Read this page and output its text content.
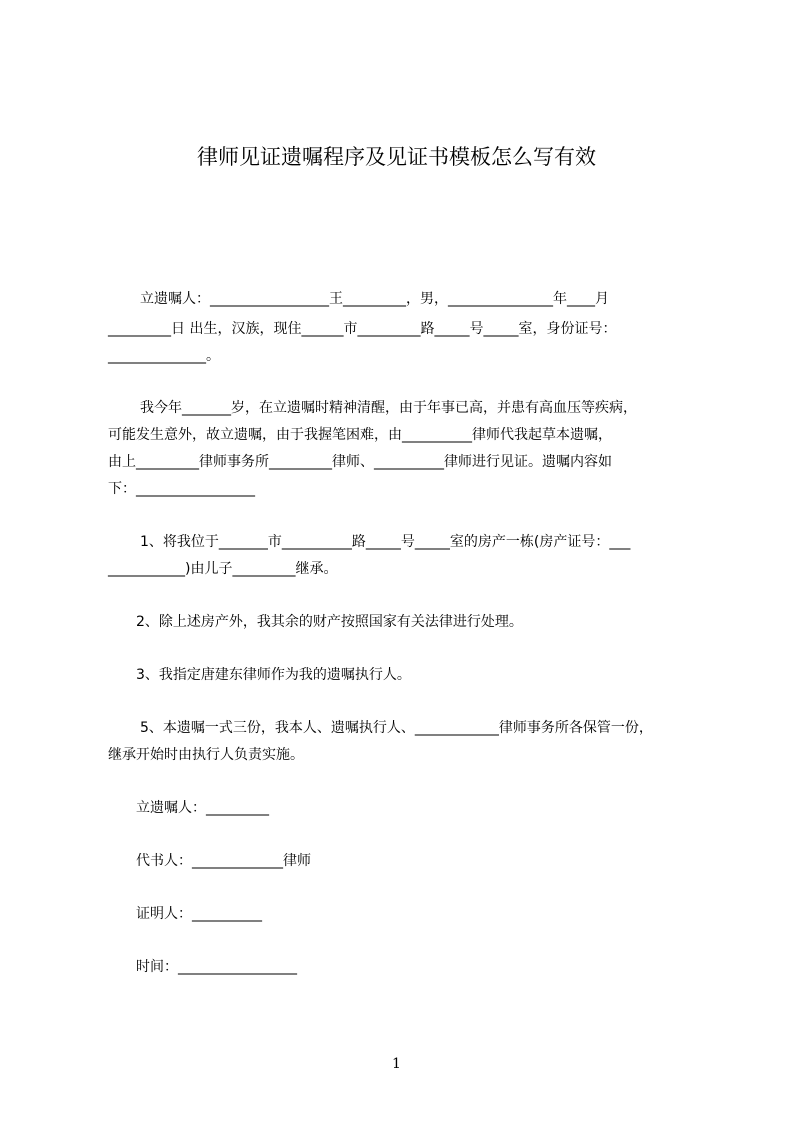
律师见证遗嘱程序及见证书模板怎么写有效

立遗嘱人：_________________王_________，男，_______________年____月

_________日 出生，汉族，现住______市_________路_____号_____室，身份证号：

______________。

我今年_______岁，在立遗嘱时精神清醒，由于年事已高，并患有高血压等疾病，

可能发生意外，故立遗嘱，由于我握笔困难，由__________律师代我起草本遗嘱，

由上_________律师事务所_________律师、__________律师进行见证。遗嘱内容如

下：_________________

1、将我位于_______市__________路_____号_____室的房产一栋(房产证号：___

___________)由儿子_________继承。

2、除上述房产外，我其余的财产按照国家有关法律进行处理。

3、我指定唐建东律师作为我的遗嘱执行人。

5、本遗嘱一式三份，我本人、遗嘱执行人、____________律师事务所各保管一份，

继承开始时由执行人负责实施。

立遗嘱人：_________

代书人：_____________律师

证明人：__________

时间：_________________

1
